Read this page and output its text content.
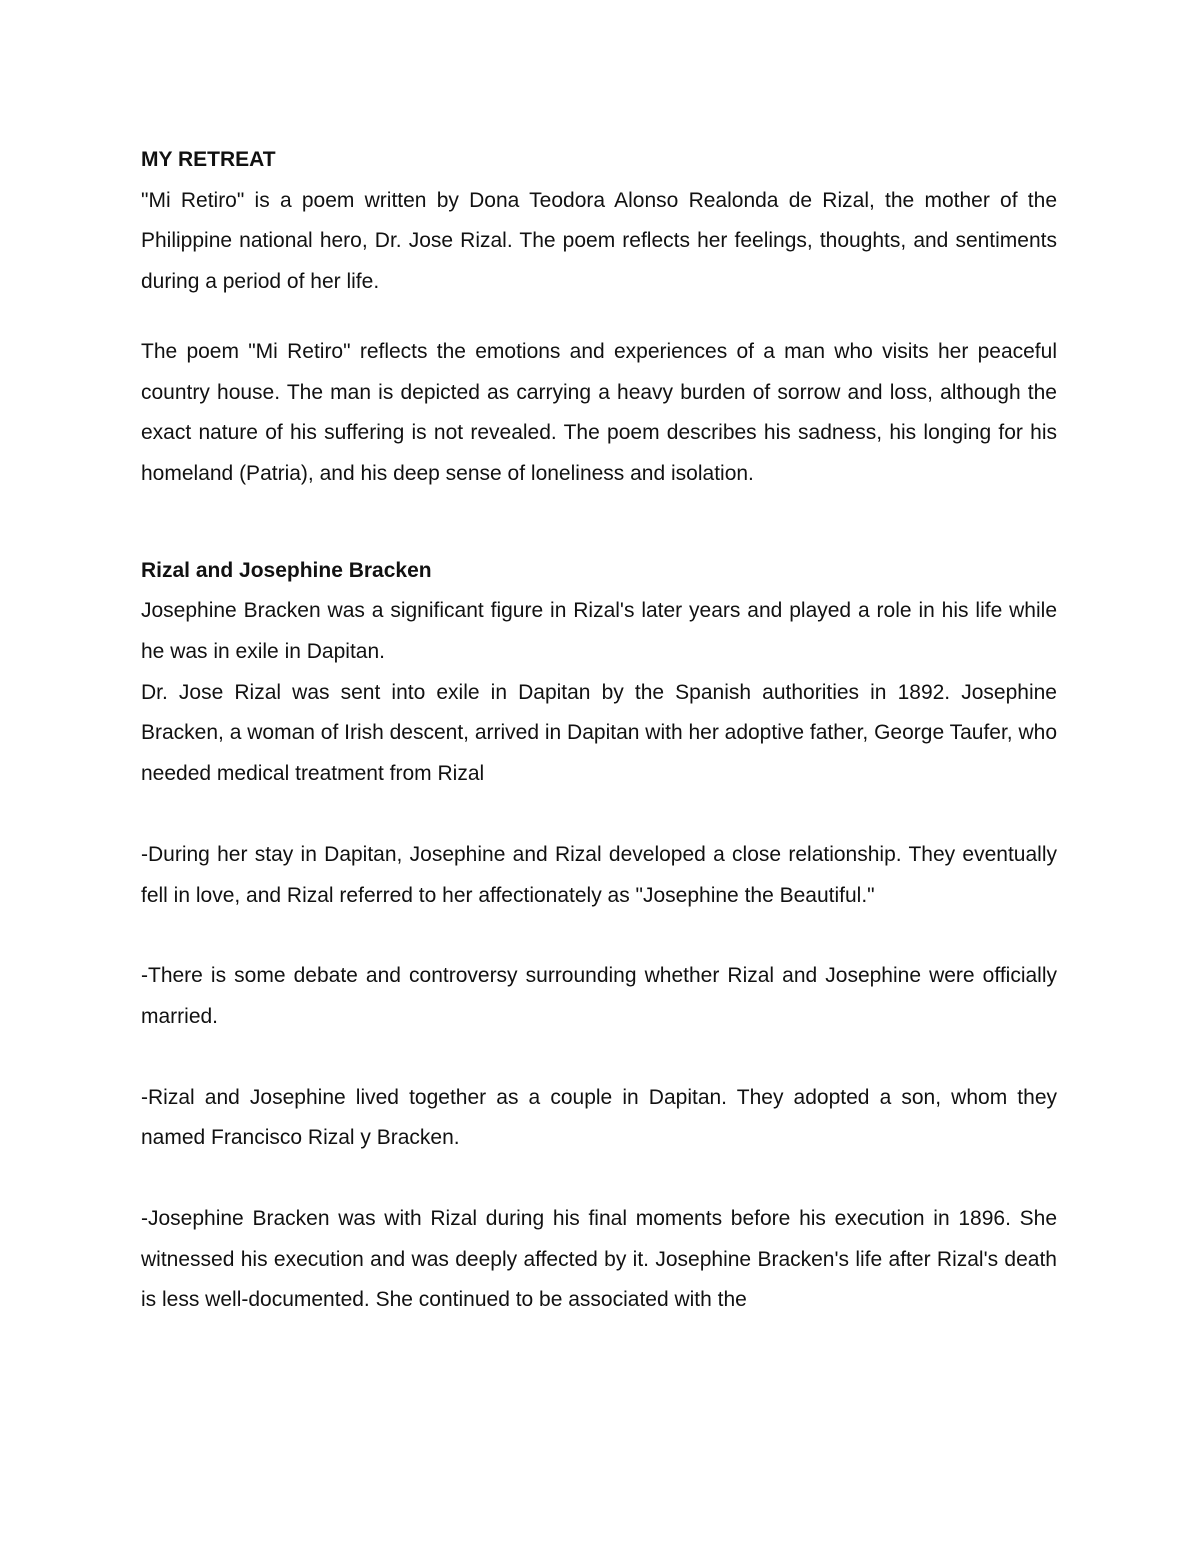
MY RETREAT

"Mi Retiro" is a poem written by Dona Teodora Alonso Realonda de Rizal, the mother of the Philippine national hero, Dr. Jose Rizal. The poem reflects her feelings, thoughts, and sentiments during a period of her life.

The poem "Mi Retiro" reflects the emotions and experiences of a man who visits her peaceful country house. The man is depicted as carrying a heavy burden of sorrow and loss, although the exact nature of his suffering is not revealed. The poem describes his sadness, his longing for his homeland (Patria), and his deep sense of loneliness and isolation.

Rizal and Josephine Bracken

Josephine Bracken was a significant figure in Rizal's later years and played a role in his life while he was in exile in Dapitan.

Dr. Jose Rizal was sent into exile in Dapitan by the Spanish authorities in 1892. Josephine Bracken, a woman of Irish descent, arrived in Dapitan with her adoptive father, George Taufer, who needed medical treatment from Rizal

-During her stay in Dapitan, Josephine and Rizal developed a close relationship. They eventually fell in love, and Rizal referred to her affectionately as "Josephine the Beautiful."

-There is some debate and controversy surrounding whether Rizal and Josephine were officially married.

-Rizal and Josephine lived together as a couple in Dapitan. They adopted a son, whom they named Francisco Rizal y Bracken.

-Josephine Bracken was with Rizal during his final moments before his execution in 1896. She witnessed his execution and was deeply affected by it. Josephine Bracken's life after Rizal's death is less well-documented. She continued to be associated with the
